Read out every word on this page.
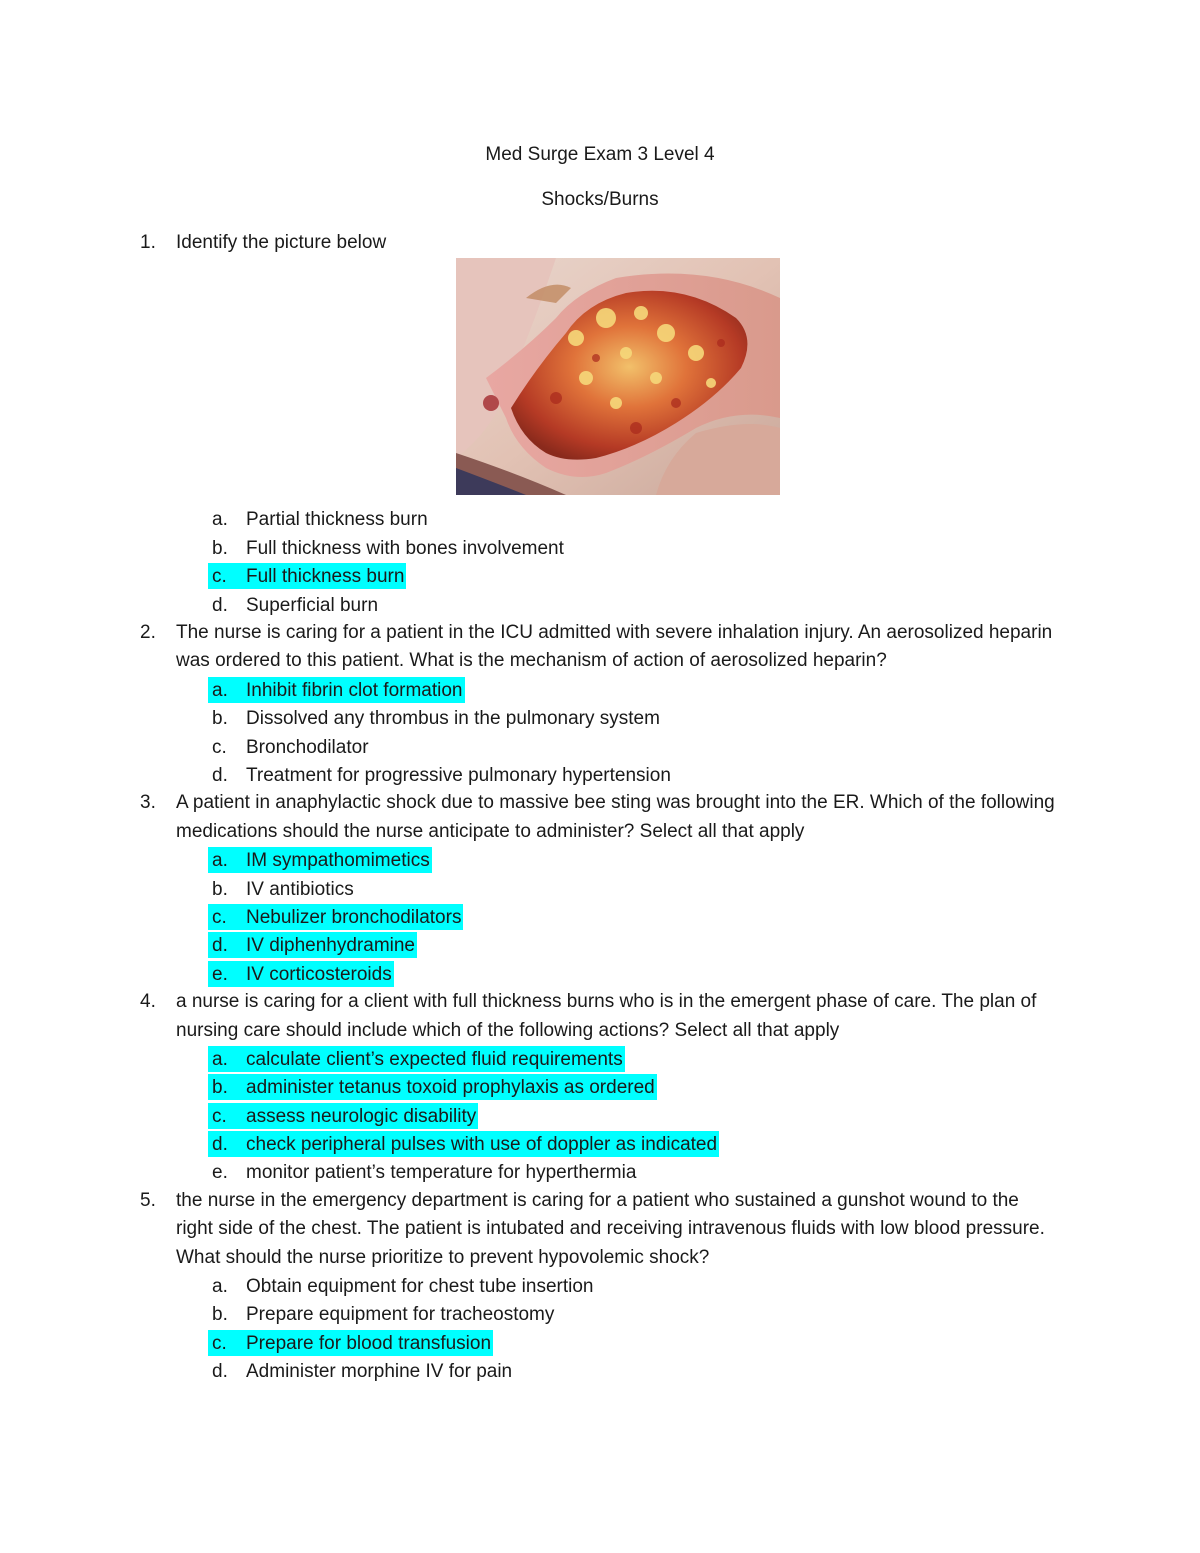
Med Surge Exam 3 Level 4
Shocks/Burns
1.	Identify the picture below
a. Partial thickness burn
b. Full thickness with bones involvement
c. Full thickness burn
d. Superficial burn
2.	The nurse is caring for a patient in the ICU admitted with severe inhalation injury. An aerosolized heparin was ordered to this patient. What is the mechanism of action of aerosolized heparin?
a. Inhibit fibrin clot formation
b. Dissolved any thrombus in the pulmonary system
c. Bronchodilator
d. Treatment for progressive pulmonary hypertension
3.	A patient in anaphylactic shock due to massive bee sting was brought into the ER. Which of the following medications should the nurse anticipate to administer? Select all that apply
a. IM sympathomimetics
b. IV antibiotics
c. Nebulizer bronchodilators
d. IV diphenhydramine
e. IV corticosteroids
4.	a nurse is caring for a client with full thickness burns who is in the emergent phase of care. The plan of nursing care should include which of the following actions? Select all that apply
a. calculate client’s expected fluid requirements
b. administer tetanus toxoid prophylaxis as ordered
c. assess neurologic disability
d. check peripheral pulses with use of doppler as indicated
e. monitor patient’s temperature for hyperthermia
5.	the nurse in the emergency department is caring for a patient who sustained a gunshot wound to the right side of the chest. The patient is intubated and receiving intravenous fluids with low blood pressure. What should the nurse prioritize to prevent hypovolemic shock?
a. Obtain equipment for chest tube insertion
b. Prepare equipment for tracheostomy
c. Prepare for blood transfusion
d. Administer morphine IV for pain
